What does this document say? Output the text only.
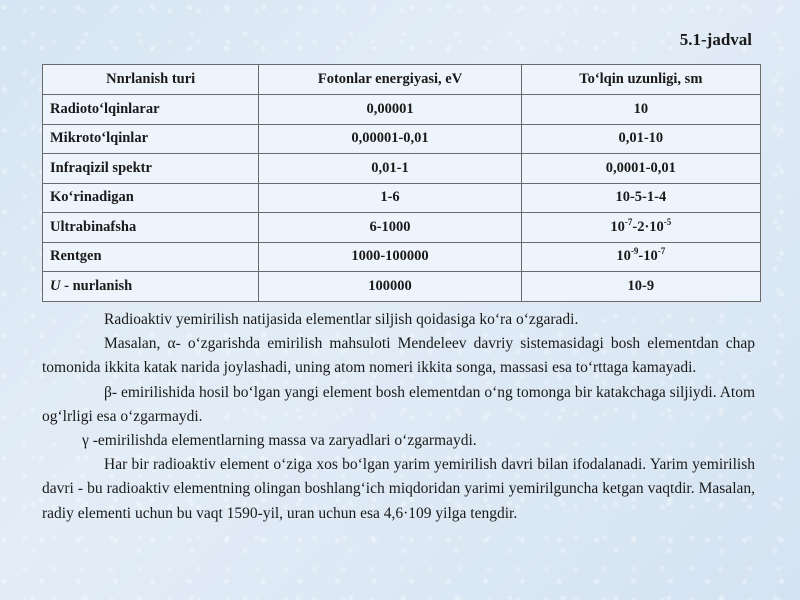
5.1-jadval
Nnrlanish turi	Fotonlar energiyasi, eV	To‘lqin uzunligi, sm
Radioto‘lqinlarar	0,00001	10
Mikroto‘lqinlar	0,00001-0,01	0,01-10
Infraqizil spektr	0,01-1	0,0001-0,01
Ko‘rinadigan	1-6	10-5-1-4
Ultrabinafsha	6-1000	$10^{-7}-2\cdot 10^{-5}$
Rentgen	1000-100000	$10^{-9}-10^{-7}$
U - nurlanish	100000	10-9

Radioaktiv yemirilish natijasida elementlar siljish qoidasiga ko‘ra o‘zgaradi.

Masalan, α- o‘zgarishda emirilish mahsuloti Mendeleev davriy sistemasidagi bosh elementdan chap tomonida ikkita katak narida joylashadi, uning atom nomeri ikkita songa, massasi esa to‘rttaga kamayadi.

β- emirilishida hosil bo‘lgan yangi element bosh elementdan o‘ng tomonga bir katakchaga siljiydi. Atom og‘lrligi esa o‘zgarmaydi.

γ -emirilishda elementlarning massa va zaryadlari o‘zgarmaydi.

Har bir radioaktiv element o‘ziga xos bo‘lgan yarim yemirilish davri bilan ifodalanadi. Yarim yemirilish davri - bu radioaktiv elementning olingan boshlang‘ich miqdoridan yarimi yemirilguncha ketgan vaqtdir. Masalan, radiy elementi uchun bu vaqt 1590-yil, uran uchun esa 4,6·109 yilga tengdir.
